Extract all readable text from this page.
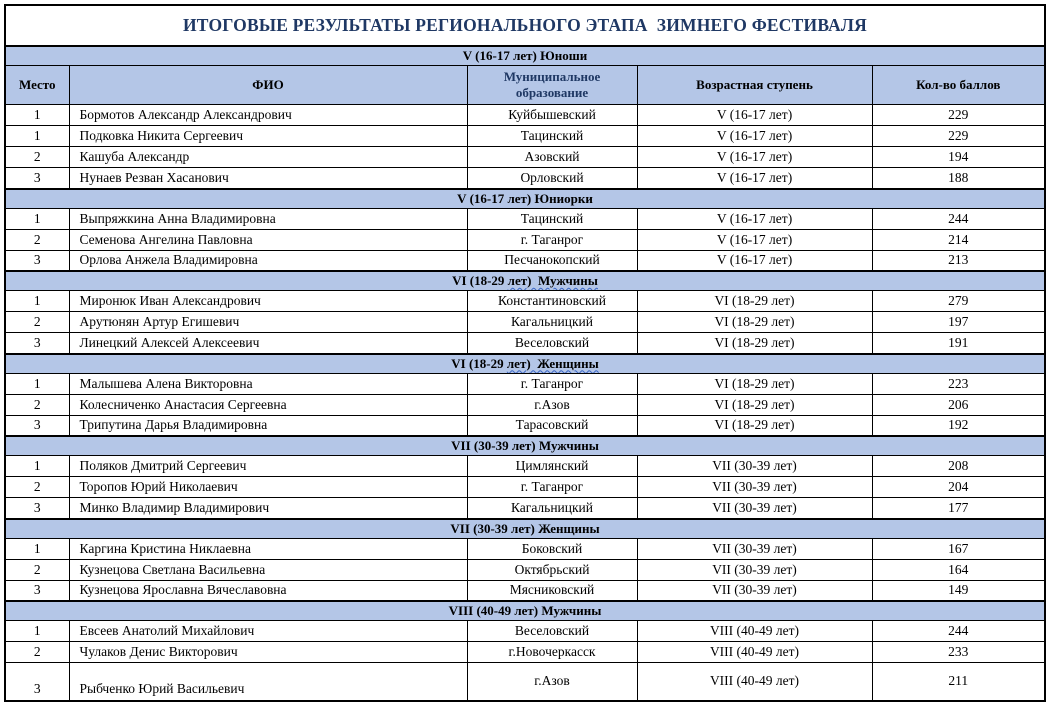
ИТОГОВЫЕ РЕЗУЛЬТАТЫ РЕГИОНАЛЬНОГО ЭТАПА  ЗИМНЕГО ФЕСТИВАЛЯ				

V (16-17 лет) Юноши				
Место	ФИО	Муниципальное образование	Возрастная ступень	Кол-во баллов
1	Бормотов Александр Александрович	Куйбышевский	V (16-17 лет)	229
1	Подковка Никита Сергеевич	Тацинский	V (16-17 лет)	229
2	Кашуба Александр	Азовский	V (16-17 лет)	194
3	Нунаев Резван Хасанович	Орловский	V (16-17 лет)	188
V (16-17 лет) Юниорки				
1	Выпряжкина Анна Владимировна	Тацинский	V (16-17 лет)	244
2	Семенова Ангелина Павловна	г. Таганрог	V (16-17 лет)	214
3	Орлова Анжела Владимировна	Песчанокопский	V (16-17 лет)	213
VI (18-29 лет)  Мужчины				
1	Миронюк Иван Александрович	Константиновский	VI (18-29 лет)	279
2	Арутюнян Артур Егишевич	Кагальницкий	VI (18-29 лет)	197
3	Линецкий Алексей Алексеевич	Веселовский	VI (18-29 лет)	191
VI (18-29 лет)  Женщины				
1	Малышева Алена Викторовна	г. Таганрог	VI (18-29 лет)	223
2	Колесниченко Анастасия Сергеевна	г.Азов	VI (18-29 лет)	206
3	Трипутина Дарья Владимировна	Тарасовский	VI (18-29 лет)	192
VII (30-39 лет) Мужчины				
1	Поляков Дмитрий Сергеевич	Цимлянский	VII (30-39 лет)	208
2	Торопов Юрий Николаевич	г. Таганрог	VII (30-39 лет)	204
3	Минко Владимир Владимирович	Кагальницкий	VII (30-39 лет)	177
VII (30-39 лет) Женщины				
1	Каргина Кристина Никлаевна	Боковский	VII (30-39 лет)	167
2	Кузнецова Светлана Васильевна	Октябрьский	VII (30-39 лет)	164
3	Кузнецова Ярославна Вячеславовна	Мясниковский	VII (30-39 лет)	149
VIII (40-49 лет) Мужчины				
1	Евсеев Анатолий Михайлович	Веселовский	VIII (40-49 лет)	244
2	Чулаков Денис Викторович	г.Новочеркасск	VIII (40-49 лет)	233
3	Рыбченко Юрий Васильевич	г.Азов	VIII (40-49 лет)	211
